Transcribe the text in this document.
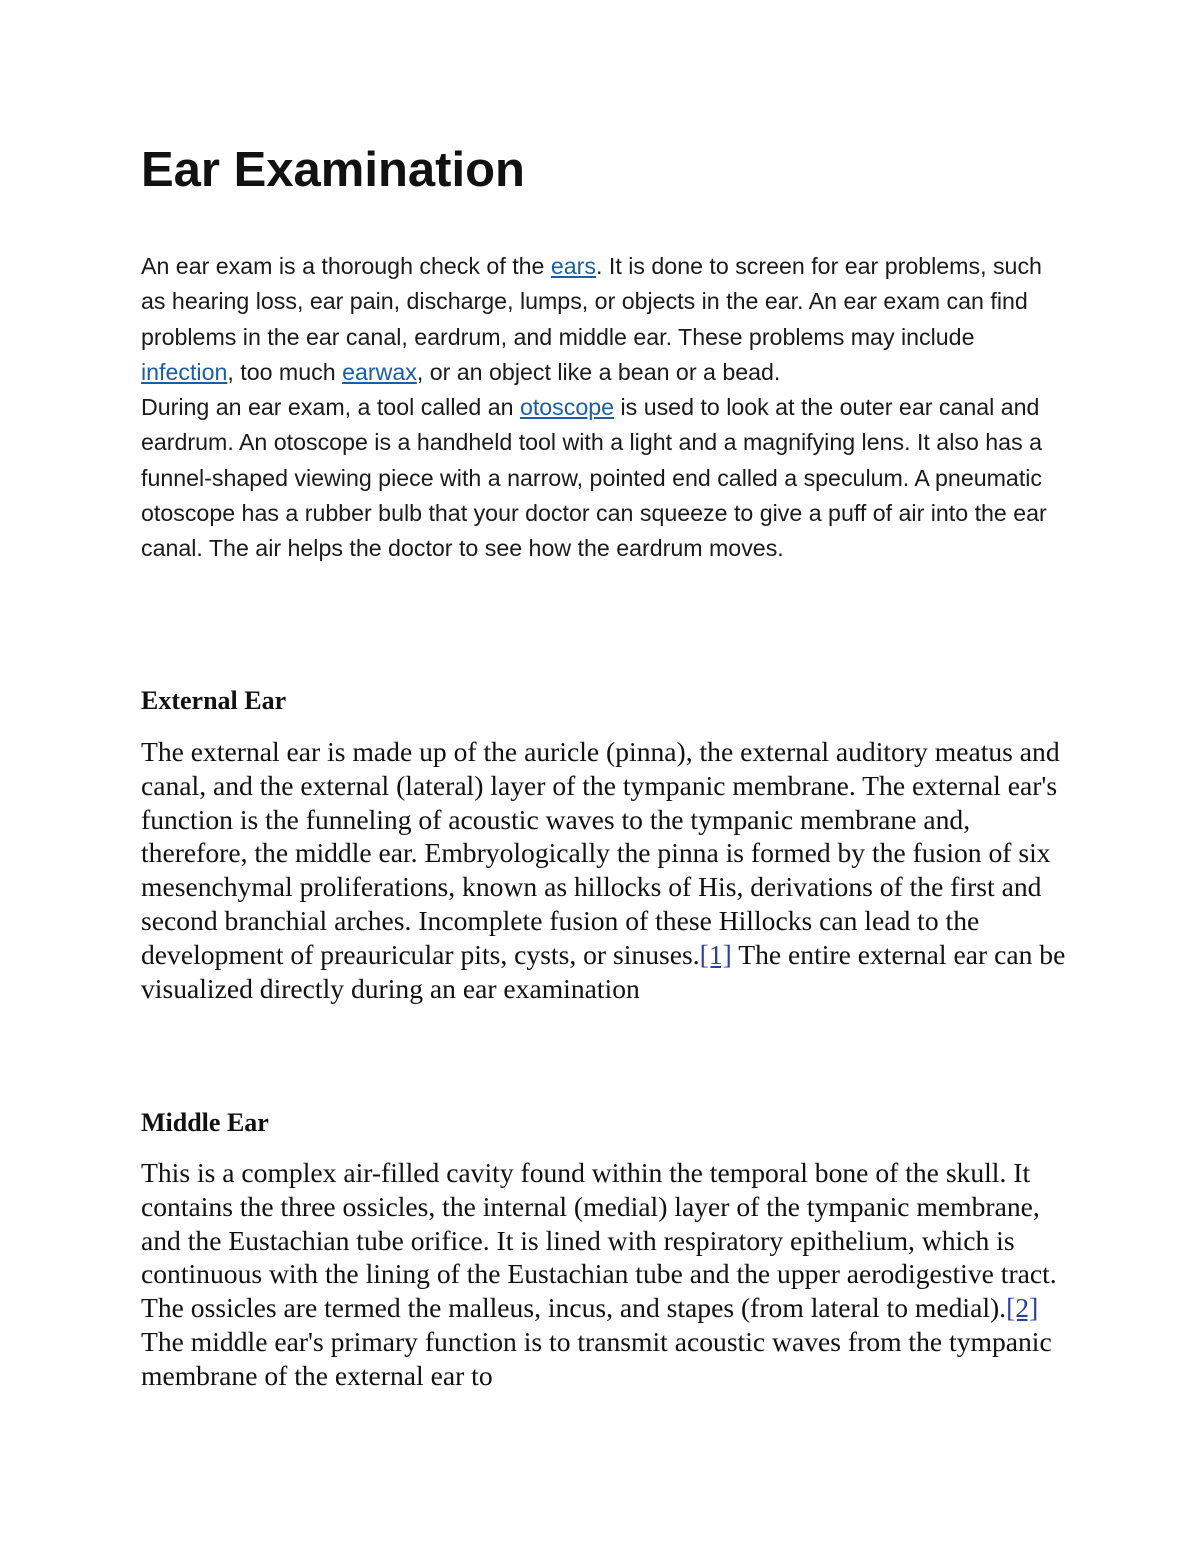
Ear Examination

An ear exam is a thorough check of the ears. It is done to screen for ear problems, such as hearing loss, ear pain, discharge, lumps, or objects in the ear. An ear exam can find problems in the ear canal, eardrum, and middle ear. These problems may include infection, too much earwax, or an object like a bean or a bead.

During an ear exam, a tool called an otoscope is used to look at the outer ear canal and eardrum. An otoscope is a handheld tool with a light and a magnifying lens. It also has a funnel-shaped viewing piece with a narrow, pointed end called a speculum. A pneumatic otoscope has a rubber bulb that your doctor can squeeze to give a puff of air into the ear canal. The air helps the doctor to see how the eardrum moves.

External Ear

The external ear is made up of the auricle (pinna), the external auditory meatus and canal, and the external (lateral) layer of the tympanic membrane. The external ear's function is the funneling of acoustic waves to the tympanic membrane and, therefore, the middle ear. Embryologically the pinna is formed by the fusion of six mesenchymal proliferations, known as hillocks of His, derivations of the first and second branchial arches. Incomplete fusion of these Hillocks can lead to the development of preauricular pits, cysts, or sinuses.[1] The entire external ear can be visualized directly during an ear examination

Middle Ear

This is a complex air-filled cavity found within the temporal bone of the skull. It contains the three ossicles, the internal (medial) layer of the tympanic membrane, and the Eustachian tube orifice. It is lined with respiratory epithelium, which is continuous with the lining of the Eustachian tube and the upper aerodigestive tract. The ossicles are termed the malleus, incus, and stapes (from lateral to medial).[2] The middle ear's primary function is to transmit acoustic waves from the tympanic membrane of the external ear to
